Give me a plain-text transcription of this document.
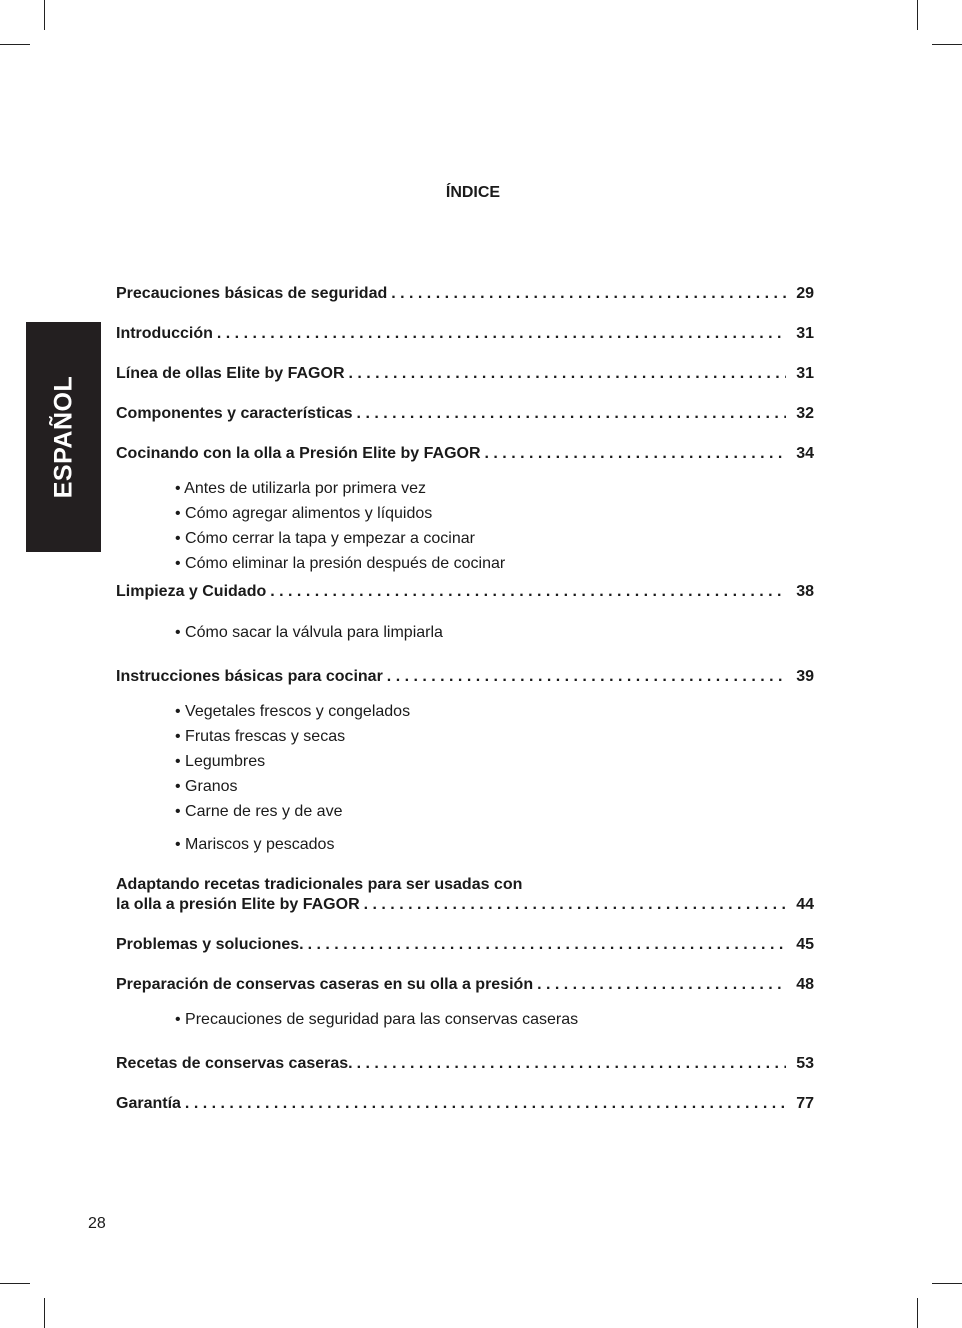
ESPAÑOL
ÍNDICE
Precauciones básicas de seguridad . . .	29
Introducción . . .	31
Línea de ollas Elite by FAGOR . . .	31
Componentes y características . . .	32
Cocinando con la olla a Presión Elite by FAGOR . . .	34
• Antes de utilizarla por primera vez
• Cómo agregar alimentos y líquidos
• Cómo cerrar la tapa y empezar a cocinar
• Cómo eliminar la presión después de cocinar
Limpieza y Cuidado . . .	38
• Cómo sacar la válvula para limpiarla
Instrucciones básicas para cocinar . . .	39
• Vegetales frescos y congelados
• Frutas frescas y secas
• Legumbres
• Granos
• Carne de res y de ave
• Mariscos y pescados
Adaptando recetas tradicionales para ser usadas con
la olla a presión Elite by FAGOR . . .	44
Problemas y soluciones. . . .	45
Preparación de conservas caseras en su olla a presión . . .	48
• Precauciones de seguridad para las conservas caseras
Recetas de conservas caseras. . . .	53
Garantía . . .	77
28
